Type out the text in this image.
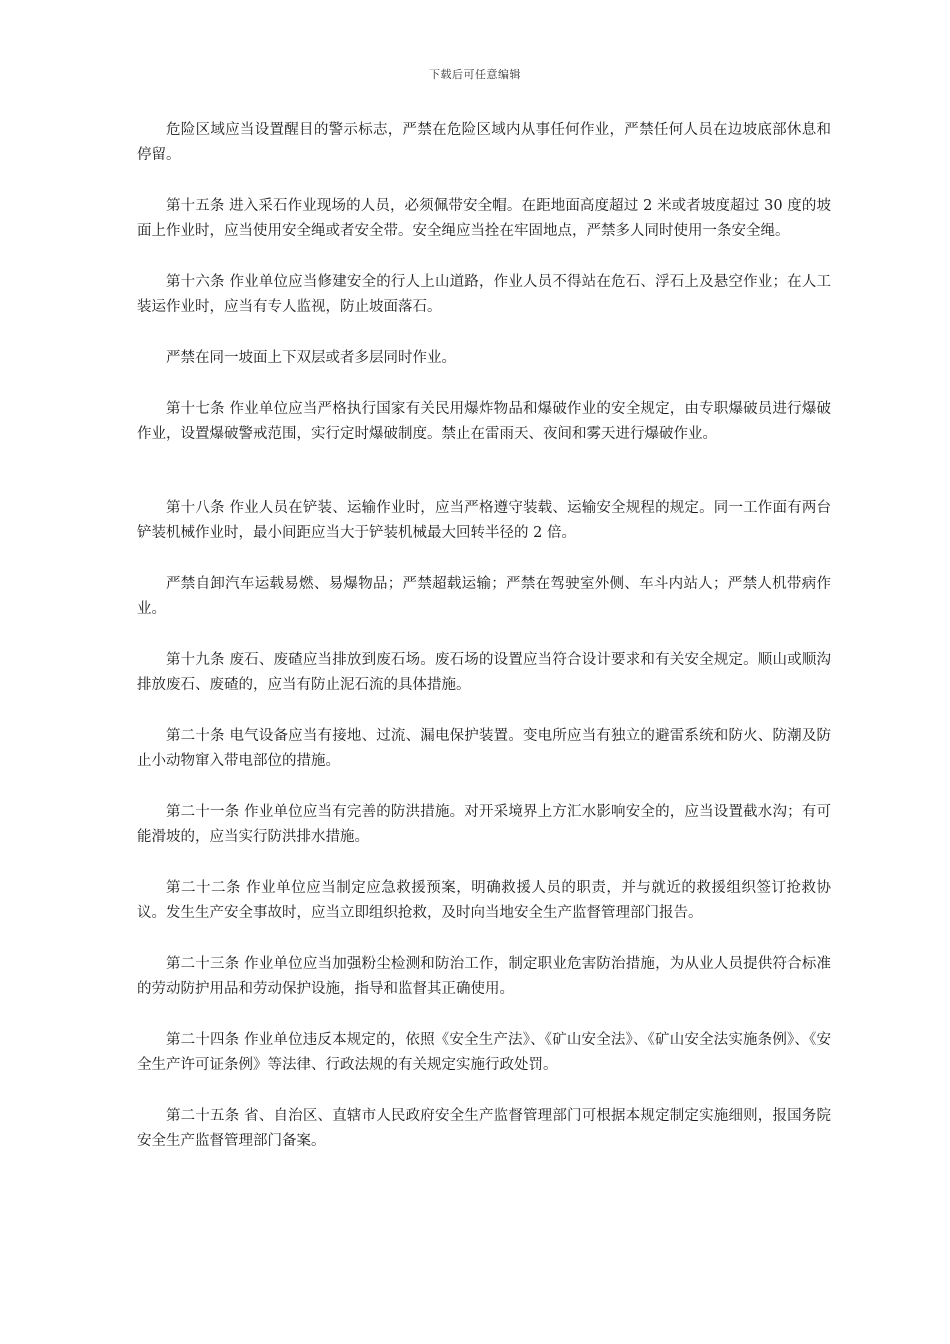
下载后可任意编辑

危险区域应当设置醒目的警示标志，严禁在危险区域内从事任何作业，严禁任何人员在边坡底部休息和停留。

第十五条 进入采石作业现场的人员，必须佩带安全帽。在距地面高度超过 2 米或者坡度超过 30 度的坡面上作业时，应当使用安全绳或者安全带。安全绳应当拴在牢固地点，严禁多人同时使用一条安全绳。

第十六条 作业单位应当修建安全的行人上山道路，作业人员不得站在危石、浮石上及悬空作业；在人工装运作业时，应当有专人监视，防止坡面落石。

严禁在同一坡面上下双层或者多层同时作业。

第十七条 作业单位应当严格执行国家有关民用爆炸物品和爆破作业的安全规定，由专职爆破员进行爆破作业，设置爆破警戒范围，实行定时爆破制度。禁止在雷雨天、夜间和雾天进行爆破作业。

第十八条 作业人员在铲装、运输作业时，应当严格遵守装载、运输安全规程的规定。同一工作面有两台铲装机械作业时，最小间距应当大于铲装机械最大回转半径的 2 倍。

严禁自卸汽车运载易燃、易爆物品；严禁超载运输；严禁在驾驶室外侧、车斗内站人；严禁人机带病作业。

第十九条 废石、废碴应当排放到废石场。废石场的设置应当符合设计要求和有关安全规定。顺山或顺沟排放废石、废碴的，应当有防止泥石流的具体措施。

第二十条 电气设备应当有接地、过流、漏电保护装置。变电所应当有独立的避雷系统和防火、防潮及防止小动物窜入带电部位的措施。

第二十一条 作业单位应当有完善的防洪措施。对开采境界上方汇水影响安全的，应当设置截水沟；有可能滑坡的，应当实行防洪排水措施。

第二十二条 作业单位应当制定应急救援预案，明确救援人员的职责，并与就近的救援组织签订抢救协议。发生生产安全事故时，应当立即组织抢救，及时向当地安全生产监督管理部门报告。

第二十三条 作业单位应当加强粉尘检测和防治工作，制定职业危害防治措施，为从业人员提供符合标准的劳动防护用品和劳动保护设施，指导和监督其正确使用。

第二十四条 作业单位违反本规定的，依照《安全生产法》、《矿山安全法》、《矿山安全法实施条例》、《安全生产许可证条例》等法律、行政法规的有关规定实施行政处罚。

第二十五条 省、自治区、直辖市人民政府安全生产监督管理部门可根据本规定制定实施细则，报国务院安全生产监督管理部门备案。
